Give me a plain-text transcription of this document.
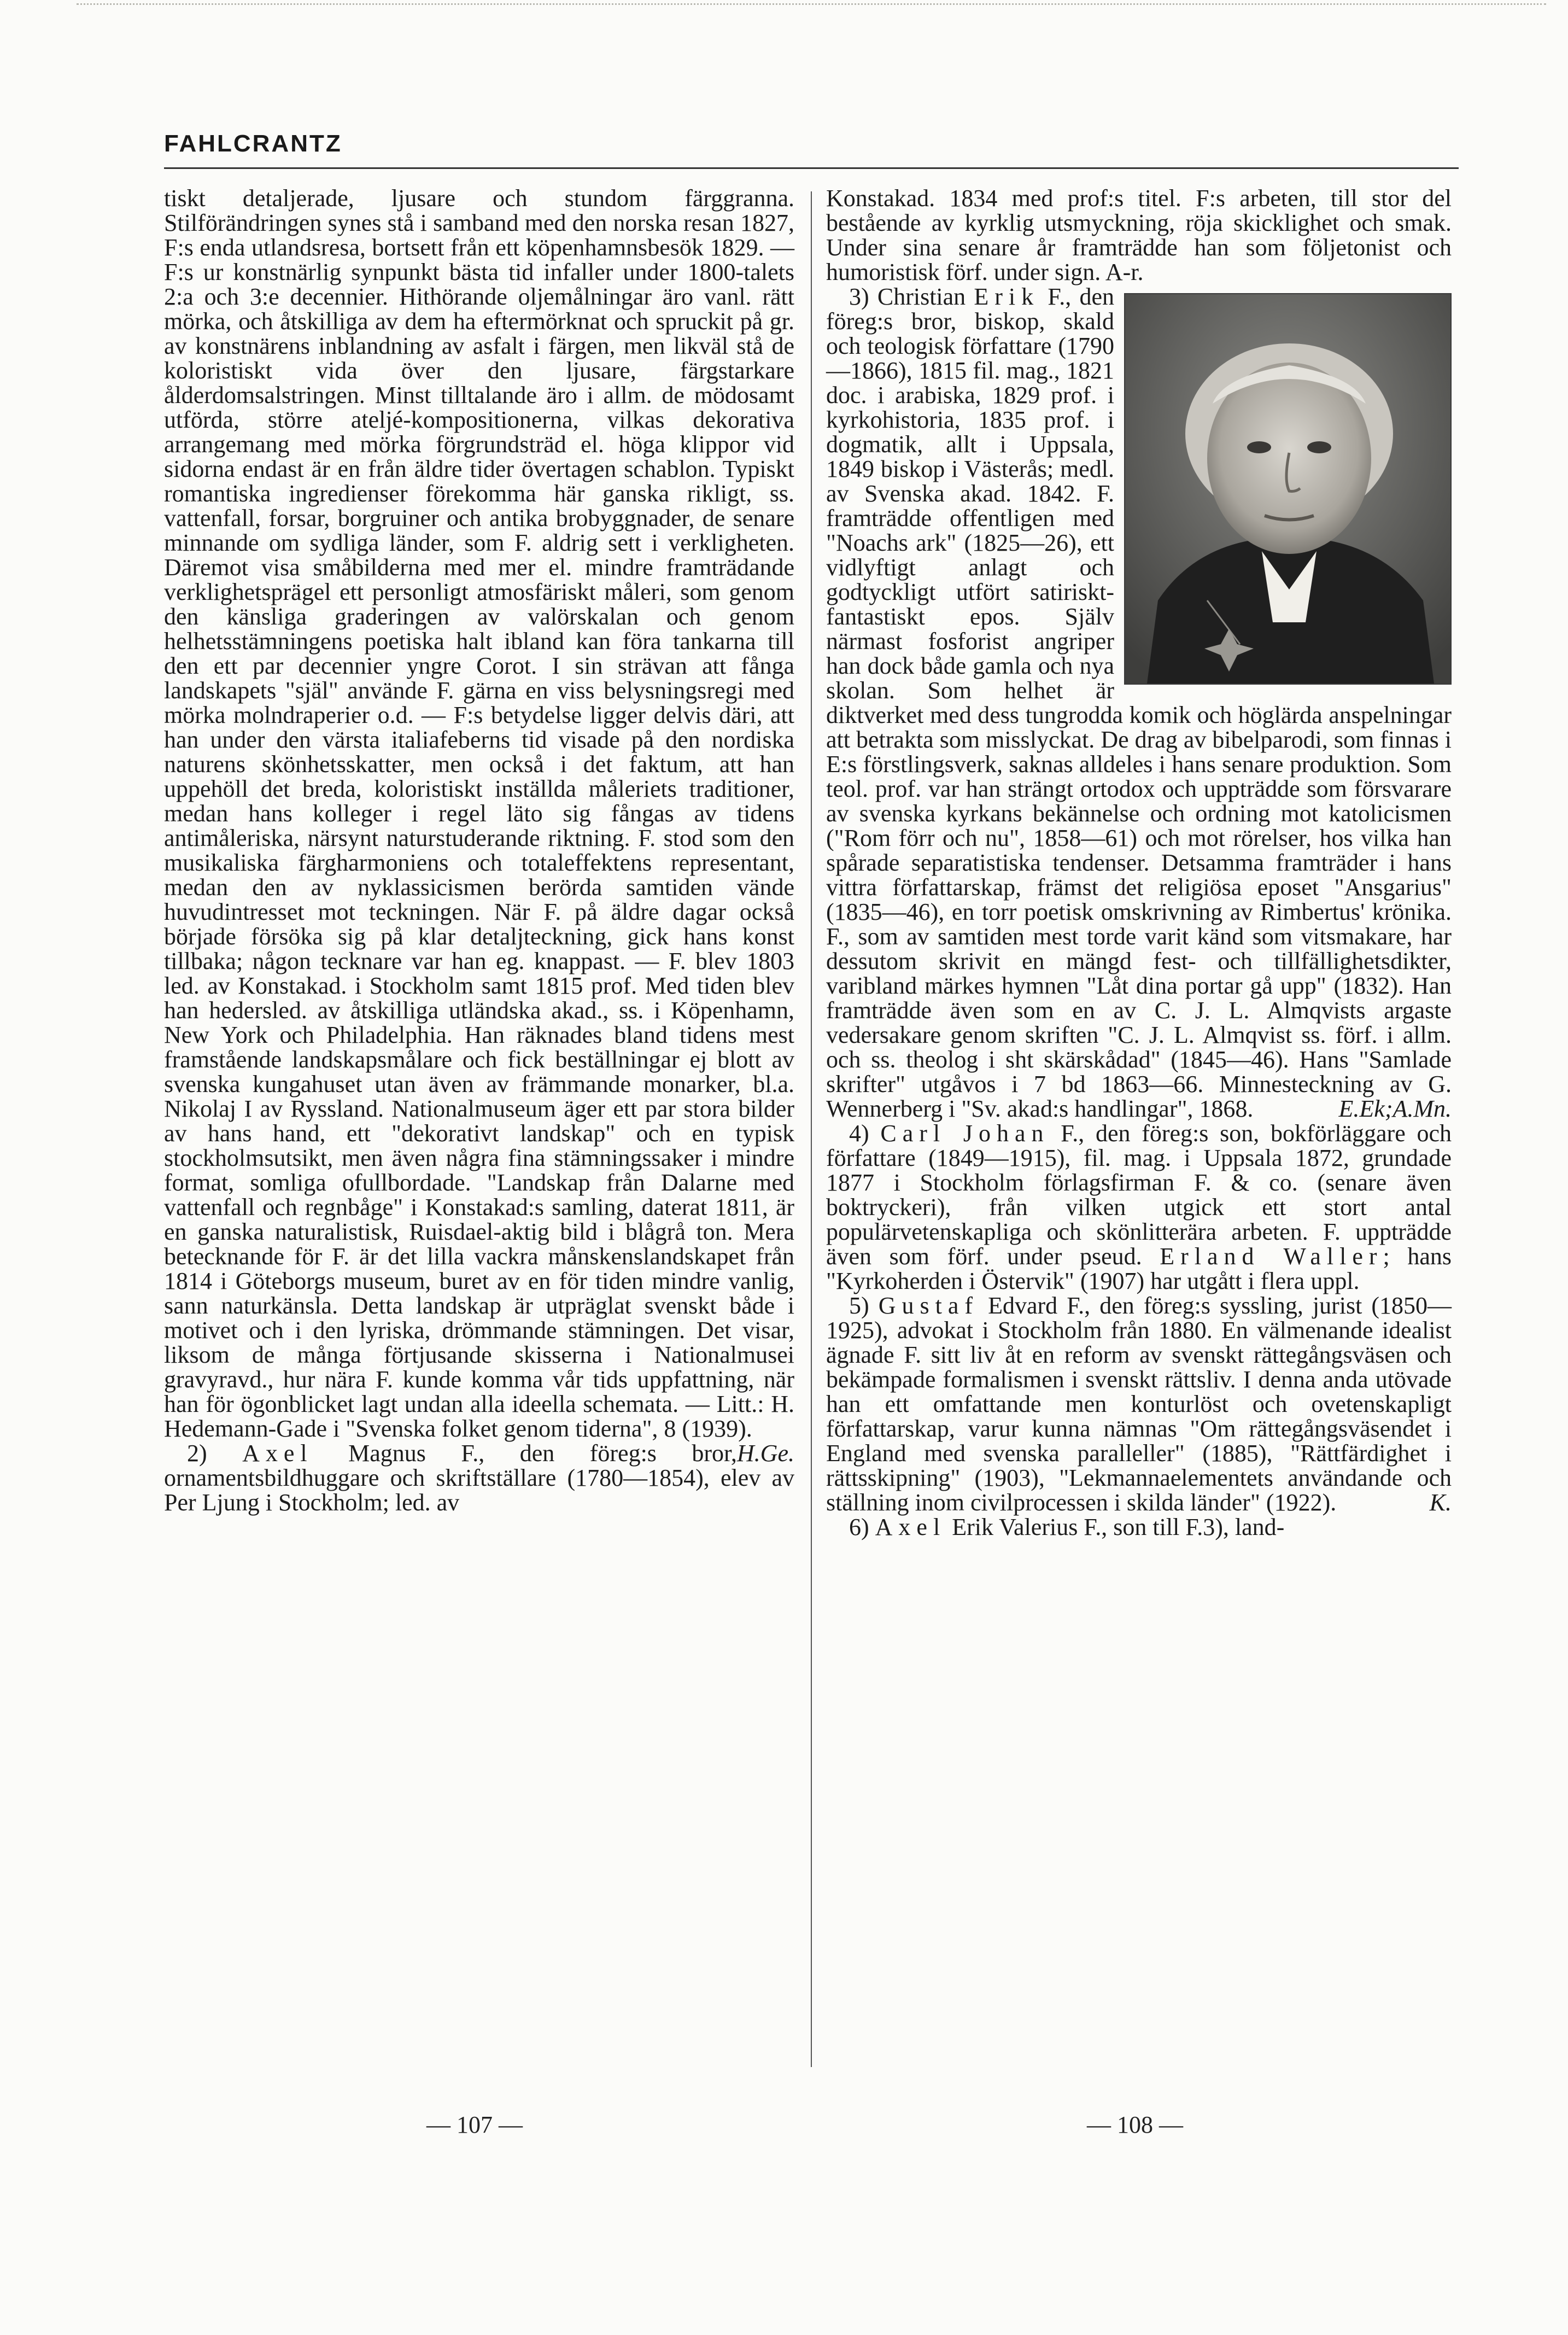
FAHLCRANTZ

tiskt detaljerade, ljusare och stundom färggranna. Stilförändringen synes stå i samband med den norska resan 1827, F:s enda utlandsresa, bortsett från ett köpenhamnsbesök 1829. — F:s ur konstnärlig synpunkt bästa tid infaller under 1800-talets 2:a och 3:e decennier. Hithörande oljemålningar äro vanl. rätt mörka, och åtskilliga av dem ha eftermörknat och spruckit på gr. av konstnärens inblandning av asfalt i färgen, men likväl stå de koloristiskt vida över den ljusare, färgstarkare ålderdomsalstringen. Minst tilltalande äro i allm. de mödosamt utförda, större ateljé-kompositionerna, vilkas dekorativa arrangemang med mörka förgrundsträd el. höga klippor vid sidorna endast är en från äldre tider övertagen schablon. Typiskt romantiska ingredienser förekomma här ganska rikligt, ss. vattenfall, forsar, borgruiner och antika brobyggnader, de senare minnande om sydliga länder, som F. aldrig sett i verkligheten. Däremot visa småbilderna med mer el. mindre framträdande verklighetsprägel ett personligt atmosfäriskt måleri, som genom den känsliga graderingen av valörskalan och genom helhetsstämningens poetiska halt ibland kan föra tankarna till den ett par decennier yngre Corot. I sin strävan att fånga landskapets "själ" använde F. gärna en viss belysningsregi med mörka molndraperier o.d. — F:s betydelse ligger delvis däri, att han under den värsta italiafeberns tid visade på den nordiska naturens skönhetsskatter, men också i det faktum, att han uppehöll det breda, koloristiskt inställda måleriets traditioner, medan hans kolleger i regel läto sig fångas av tidens antimåleriska, närsynt naturstuderande riktning. F. stod som den musikaliska färgharmoniens och totaleffektens representant, medan den av nyklassicismen berörda samtiden vände huvudintresset mot teckningen. När F. på äldre dagar också började försöka sig på klar detaljteckning, gick hans konst tillbaka; någon tecknare var han eg. knappast. — F. blev 1803 led. av Konstakad. i Stockholm samt 1815 prof. Med tiden blev han hedersled. av åtskilliga utländska akad., ss. i Köpenhamn, New York och Philadelphia. Han räknades bland tidens mest framstående landskapsmålare och fick beställningar ej blott av svenska kungahuset utan även av främmande monarker, bl.a. Nikolaj I av Ryssland. Nationalmuseum äger ett par stora bilder av hans hand, ett "dekorativt landskap" och en typisk stockholmsutsikt, men även några fina stämningssaker i mindre format, somliga ofullbordade. "Landskap från Dalarne med vattenfall och regnbåge" i Konstakad:s samling, daterat 1811, är en ganska naturalistisk, Ruisdael-aktig bild i blågrå ton. Mera betecknande för F. är det lilla vackra månskenslandskapet från 1814 i Göteborgs museum, buret av en för tiden mindre vanlig, sann naturkänsla. Detta landskap är utpräglat svenskt både i motivet och i den lyriska, drömmande stämningen. Det visar, liksom de många förtjusande skisserna i Nationalmusei gravyravd., hur nära F. kunde komma vår tids uppfattning, när han för ögonblicket lagt undan alla ideella schemata. — Litt.: H. Hedemann-Gade i "Svenska folket genom tiderna", 8 (1939).
H.Ge.

2) Axel Magnus F., den föreg:s bror, ornamentsbildhuggare och skriftställare (1780—1854), elev av Per Ljung i Stockholm; led. av

Konstakad. 1834 med prof:s titel. F:s arbeten, till stor del bestående av kyrklig utsmyckning, röja skicklighet och smak. Under sina senare år framträdde han som följetonist och humoristisk förf. under sign. A-r.

3) Christian Erik F., den föreg:s bror, biskop, skald och teologisk författare (1790—1866), 1815 fil. mag., 1821 doc. i arabiska, 1829 prof. i kyrkohistoria, 1835 prof. i dogmatik, allt i Uppsala, 1849 biskop i Västerås; medl. av Svenska akad. 1842. F. framträdde offentligen med "Noachs ark" (1825—26), ett vidlyftigt anlagt och godtyckligt utfört satiriskt-fantastiskt epos. Själv närmast fosforist angriper han dock både gamla och nya skolan. Som helhet är diktverket med dess tungrodda komik och höglärda anspelningar att betrakta som misslyckat. De drag av bibelparodi, som finnas i E:s förstlingsverk, saknas alldeles i hans senare produktion. Som teol. prof. var han strängt ortodox och uppträdde som försvarare av svenska kyrkans bekännelse och ordning mot katolicismen ("Rom förr och nu", 1858—61) och mot rörelser, hos vilka han spårade separatistiska tendenser. Detsamma framträder i hans vittra författarskap, främst det religiösa eposet "Ansgarius" (1835—46), en torr poetisk omskrivning av Rimbertus' krönika. F., som av samtiden mest torde varit känd som vitsmakare, har dessutom skrivit en mängd fest- och tillfällighetsdikter, varibland märkes hymnen "Låt dina portar gå upp" (1832). Han framträdde även som en av C. J. L. Almqvists argaste vedersakare genom skriften "C. J. L. Almqvist ss. förf. i allm. och ss. theolog i sht skärskådad" (1845—46). Hans "Samlade skrifter" utgåvos i 7 bd 1863—66. Minnesteckning av G. Wennerberg i "Sv. akad:s handlingar", 1868.	E.Ek;A.Mn.

4) Carl Johan F., den föreg:s son, bokförläggare och författare (1849—1915), fil. mag. i Uppsala 1872, grundade 1877 i Stockholm förlagsfirman F. & co. (senare även boktryckeri), från vilken utgick ett stort antal populärvetenskapliga och skönlitterära arbeten. F. uppträdde även som förf. under pseud. Erland Waller; hans "Kyrkoherden i Östervik" (1907) har utgått i flera uppl.

5) Gustaf Edvard F., den föreg:s syssling, jurist (1850—1925), advokat i Stockholm från 1880. En välmenande idealist ägnade F. sitt liv åt en reform av svenskt rättegångsväsen och bekämpade formalismen i svenskt rättsliv. I denna anda utövade han ett omfattande men konturlöst och ovetenskapligt författarskap, varur kunna nämnas "Om rättegångsväsendet i England med svenska paralleller" (1885), "Rättfärdighet i rättsskipning" (1903), "Lekmannaelementets användande och ställning inom civilprocessen i skilda länder" (1922).	K.

6) Axel Erik Valerius F., son till F.3), land-

— 107 —	— 108 —
